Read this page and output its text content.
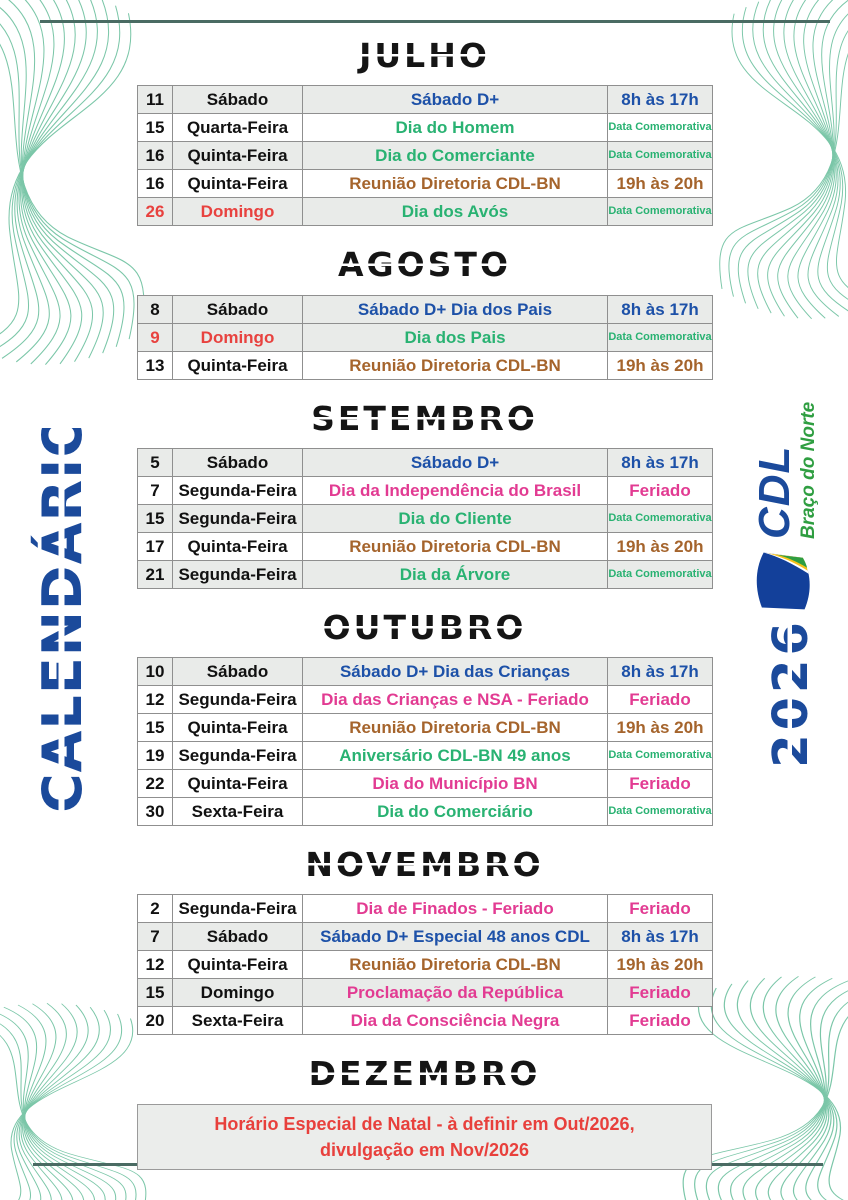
CALENDÁRIO	CDL Braço do Norte
2026
JULHO
11	Sábado	Sábado D+	8h às 17h
15	Quarta-Feira	Dia do Homem	Data Comemorativa
16	Quinta-Feira	Dia do Comerciante	Data Comemorativa
16	Quinta-Feira	Reunião Diretoria CDL-BN	19h às 20h
26	Domingo	Dia dos Avós	Data Comemorativa
AGOSTO
8	Sábado	Sábado D+ Dia dos Pais	8h às 17h
9	Domingo	Dia dos Pais	Data Comemorativa
13	Quinta-Feira	Reunião Diretoria CDL-BN	19h às 20h
SETEMBRO
5	Sábado	Sábado D+	8h às 17h
7	Segunda-Feira	Dia da Independência do Brasil	Feriado
15	Segunda-Feira	Dia do Cliente	Data Comemorativa
17	Quinta-Feira	Reunião Diretoria CDL-BN	19h às 20h
21	Segunda-Feira	Dia da Árvore	Data Comemorativa
OUTUBRO
10	Sábado	Sábado D+ Dia das Crianças	8h às 17h
12	Segunda-Feira	Dia das Crianças e NSA - Feriado	Feriado
15	Quinta-Feira	Reunião Diretoria CDL-BN	19h às 20h
19	Segunda-Feira	Aniversário CDL-BN 49 anos	Data Comemorativa
22	Quinta-Feira	Dia do Município BN	Feriado
30	Sexta-Feira	Dia do Comerciário	Data Comemorativa
NOVEMBRO
2	Segunda-Feira	Dia de Finados - Feriado	Feriado
7	Sábado	Sábado D+ Especial 48 anos CDL	8h às 17h
12	Quinta-Feira	Reunião Diretoria CDL-BN	19h às 20h
15	Domingo	Proclamação da República	Feriado
20	Sexta-Feira	Dia da Consciência Negra	Feriado
DEZEMBRO
Horário Especial de Natal - à definir em Out/2026,
divulgação em Nov/2026
